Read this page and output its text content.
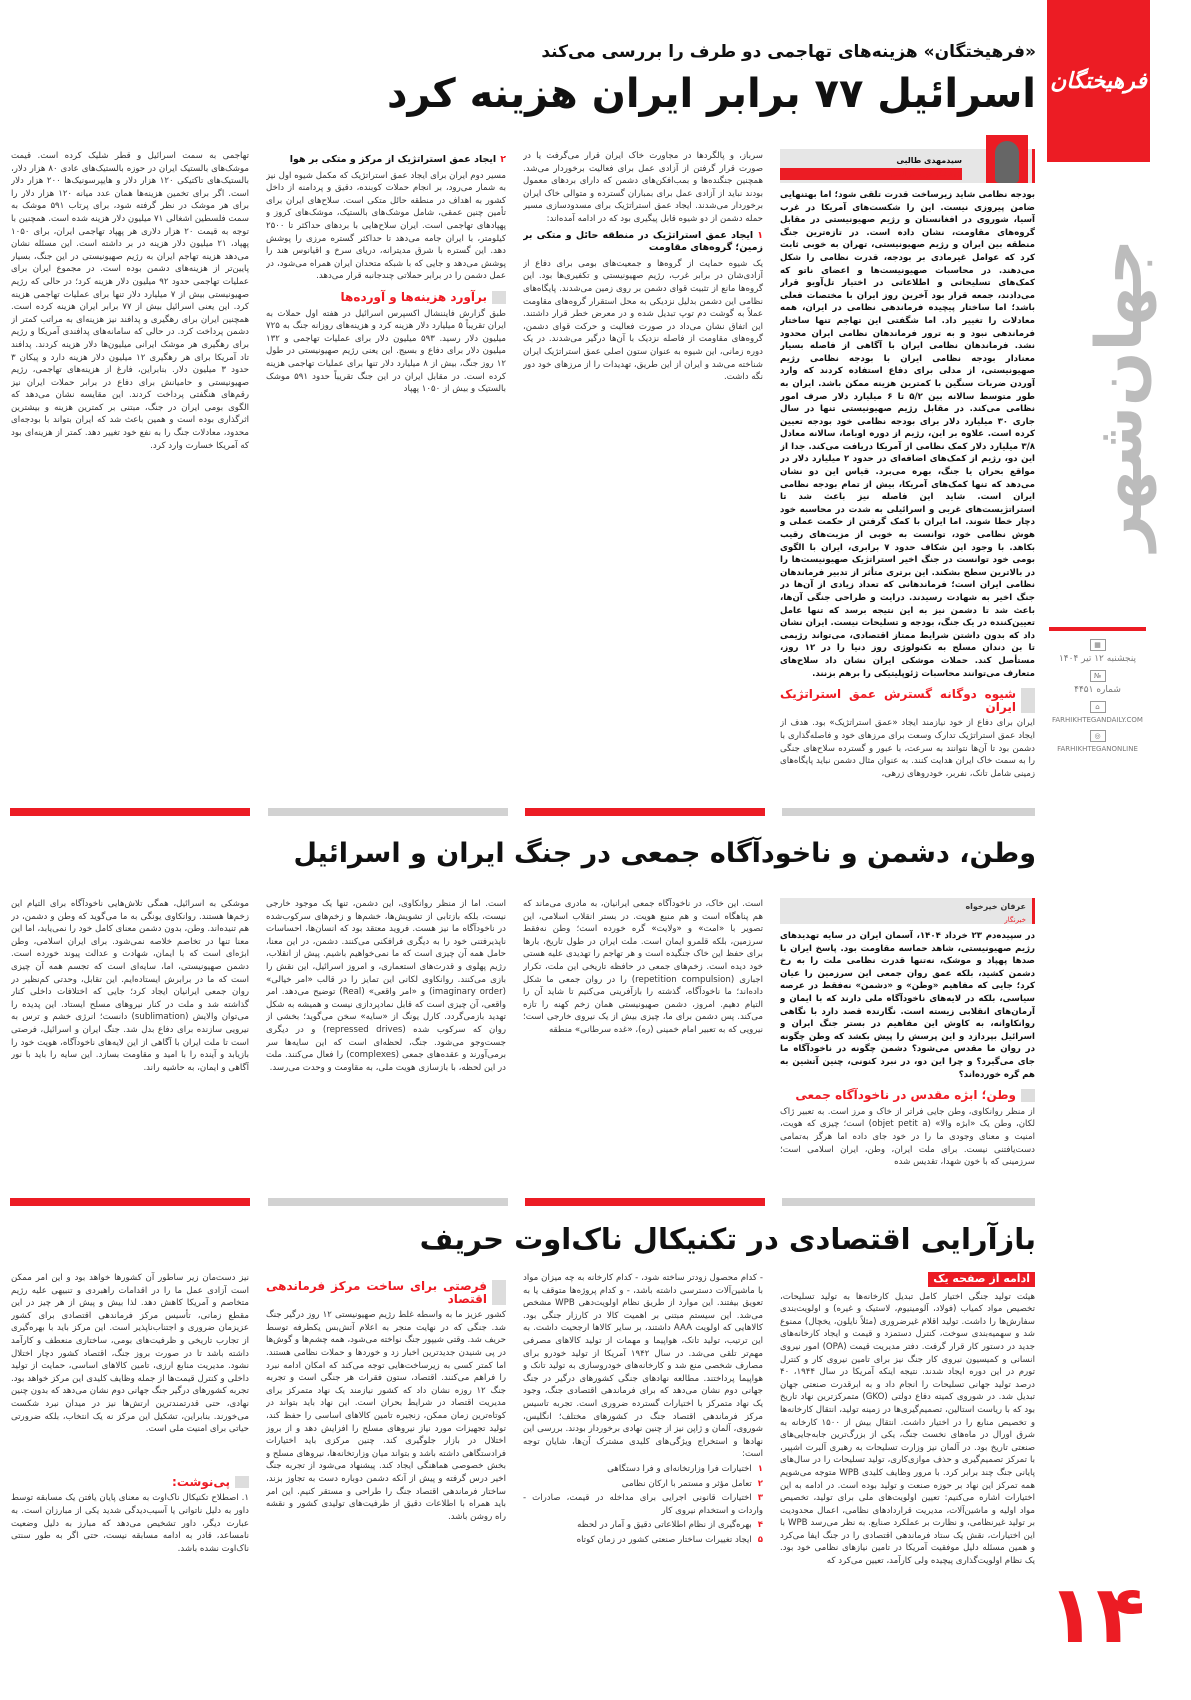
فرهیختگان
جهان‌شهر
▦
پنجشنبه ۱۲ تیر ۱۴۰۴
№
شماره ۴۴۵۱
⌂
FARHIKHTEGANDAILY.COM
◎
FARHIKHTEGANONLINE
۱۴
«فرهیختگان» هزینه‌های تهاجمی دو طرف را بررسی می‌کند
اسرائیل ۷۷ برابر ایران هزینه کرد
سیدمهدی طالبی
پژوهشگر حوزه بین‌الملل

بودجه نظامی شاید زیرساخت قدرت تلقی شود؛ اما بهتنهایی ضامن پیروزی نیست. این را شکست‌های آمریکا در غرب آسیا، شوروی در افغانستان و رژیم صهیونیستی در مقابل گروه‌های مقاومت، نشان داده است. در تازه‌ترین جنگ منطقه بین ایران و رژیم صهیونیستی، تهران به خوبی ثابت کرد که عوامل غیرمادی بر بودجه، قدرت نظامی را شکل می‌دهند. در محاسبات صهیونیست‌ها و اعضای ناتو که کمک‌های تسلیحاتی و اطلاعاتی در اختیار تل‌آویو قرار می‌دادند، جمعه قرار بود آخرین روز ایران با مختصات فعلی باشد؛ اما ساختار پیچیده فرماندهی نظامی در ایران، همه معادلات را تغییر داد. اما شگفتی این تهاجم تنها ساختار فرماندهی نبود و به ترور فرماندهان نظامی ایران محدود نشد. فرماندهان نظامی ایران با آگاهی از فاصله بسیار معنادار بودجه نظامی ایران با بودجه نظامی رژیم صهیونیستی، از مدلی برای دفاع استفاده کردند که وارد آوردن ضربات سنگین با کمترین هزینه ممکن باشد. ایران به طور متوسط سالانه بین ۵/۲ تا ۶ میلیارد دلار صرف امور نظامی می‌کند. در مقابل رژیم صهیونیستی تنها در سال جاری ۳۰ میلیارد دلار برای بودجه نظامی خود بودجه تعیین کرده است. علاوه بر این، رژیم از دوره اوباما، سالانه معادل ۳/۸ میلیارد دلار کمک نظامی از آمریکا دریافت می‌کند. جدا از این دو، رژیم از کمک‌های اضافه‌ای در حدود ۲ میلیارد دلار در مواقع بحران یا جنگ، بهره می‌برد. قیاس این دو نشان می‌دهد که تنها کمک‌های آمریکا، بیش از تمام بودجه نظامی ایران است. شاید این فاصله نیز باعث شد تا استراتژیست‌های غربی و اسرائیلی به شدت در محاسبه خود دچار خطا شوند. اما ایران با کمک گرفتن از حکمت عملی و هوش نظامی خود، توانست به خوبی از مزیت‌های رقیب بکاهد. با وجود این شکاف حدود ۷ برابری، ایران با الگوی بومی خود توانست در جنگ اخیر استراتژیک صهیونیست‌ها را در بالاترین سطح بشکند. این برتری متأثر از تدبیر فرماندهان نظامی ایران است؛ فرماندهانی که تعداد زیادی از آن‌ها در جنگ اخیر به شهادت رسیدند. درایت و طراحی جنگی آن‌ها، باعث شد تا دشمن نیز به این نتیجه برسد که تنها عامل تعیین‌کننده در یک جنگ، بودجه و تسلیحات نیست. ایران نشان داد که بدون داشتن شرایط ممتاز اقتصادی، می‌تواند رژیمی تا بن دندان مسلح به تکنولوژی روز دنیا را در ۱۲ روز، مستأصل کند. حملات موشکی ایران نشان داد سلاح‌های متعارف می‌توانند محاسبات ژئوپلیتیکی را برهم بزنند.

شیوه دوگانه گسترش عمق استراتژیک ایران

ایران برای دفاع از خود نیازمند ایجاد «عمق استراتژیک» بود. هدف از ایجاد عمق استراتژیک تدارک وسعت برای مرزهای خود و فاصله‌گذاری با دشمن بود تا آن‌ها نتوانند به سرعت، با عبور و گسترده سلاح‌های جنگی را به سمت خاک ایران هدایت کنند. به عنوان مثال دشمن نباید پایگاه‌های زمینی شامل تانک، نفربر، خودروهای زرهی،

سرباز، و پالگردها در مجاورت خاک ایران قرار می‌گرفت یا در صورت قرار گرفتن از آزادی عمل برای فعالیت برخوردار می‌شد. همچنین جنگنده‌ها و بمب‌افکن‌های دشمن که دارای بردهای معمول بودند نباید از آزادی عمل برای بمباران گسترده و متوالی خاک ایران برخوردار می‌شدند. ایجاد عمق استراتژیک برای مسدودسازی مسیر حمله دشمن از دو شیوه قابل پیگیری بود که در ادامه آمده‌اند:

۱ایجاد عمق استراتژیک در منطقه حائل و متکی بر زمین؛ گروه‌های مقاومت

یک شیوه حمایت از گروه‌ها و جمعیت‌های بومی برای دفاع از آزادی‌شان در برابر غرب، رژیم صهیونیستی و تکفیری‌ها بود. این گروه‌ها مانع از تثبیت قوای دشمن بر روی زمین می‌شدند. پایگاه‌های نظامی این دشمن بدلیل نزدیکی به محل استقرار گروه‌های مقاومت عملاً به گوشت دم توپ تبدیل شده و در معرض خطر قرار داشتند. این اتفاق نشان می‌داد در صورت فعالیت و حرکت قوای دشمن، گروه‌های مقاومت از فاصله نزدیک با آن‌ها درگیر می‌شدند. در یک دوره زمانی، این شیوه به عنوان ستون اصلی عمق استراتژیک ایران شناخته می‌شد و ایران از این طریق، تهدیدات را از مرزهای خود دور نگه داشت.

۲ایجاد عمق استراتژیک از مرکز و متکی بر هوا

مسیر دوم ایران برای ایجاد عمق استراتژیک که مکمل شیوه اول نیز به شمار می‌رود، بر انجام حملات کوبنده، دقیق و پردامنه از داخل کشور به اهداف در منطقه حائل متکی است. سلاح‌های ایران برای تأمین چنین عمقی، شامل موشک‌های بالستیک، موشک‌های کروز و پهپادهای تهاجمی است. ایران سلاح‌هایی با بردهای حداکثر تا ۲۵۰۰ کیلومتر، با ایران جامه می‌دهد تا حداکثر گستره مرزی را پوشش دهد. این گستره با شرق مدیترانه، دریای سرخ و اقیانوس هند را پوشش می‌دهد و جایی که با شبکه متحدان ایران همراه می‌شود، در عمل دشمن را در برابر حملاتی چندجانبه قرار می‌دهد.

برآورد هزینه‌ها و آورده‌ها

طبق گزارش فایننشال اکسپرس اسرائیل در هفته اول حملات به ایران تقریباً ۵ میلیارد دلار هزینه کرد و هزینه‌های روزانه جنگ به ۷۲۵ میلیون دلار رسید. ۵۹۳ میلیون دلار برای عملیات تهاجمی و ۱۳۲ میلیون دلار برای دفاع و بسیج. این یعنی رژیم صهیونیستی در طول ۱۲ روز جنگ، بیش از ۸ میلیارد دلار تنها برای عملیات تهاجمی هزینه کرده است. در مقابل ایران در این جنگ تقریباً حدود ۵۹۱ موشک بالستیک و بیش از ۱۰۵۰ پهپاد

تهاجمی به سمت اسرائیل و قطر شلیک کرده است. قیمت موشک‌های بالستیک ایران در حوزه بالستیک‌های عادی ۸۰ هزار دلار، بالستیک‌های تاکتیکی ۱۲۰ هزار دلار و هایپرسونیک‌ها ۲۰۰ هزار دلار است. اگر برای تخمین هزینه‌ها همان عدد میانه ۱۲۰ هزار دلار را برای هر موشک در نظر گرفته شود، برای پرتاب ۵۹۱ موشک به سمت فلسطین اشغالی ۷۱ میلیون دلار هزینه شده است. همچنین با توجه به قیمت ۲۰ هزار دلاری هر پهپاد تهاجمی ایران، برای ۱۰۵۰ پهپاد، ۲۱ میلیون دلار هزینه در بر داشته است. این مسئله نشان می‌دهد هزینه تهاجم ایران به رژیم صهیونیستی در این جنگ، بسیار پایین‌تر از هزینه‌های دشمن بوده است. در مجموع ایران برای عملیات تهاجمی حدود ۹۲ میلیون دلار هزینه کرد؛ در حالی که رژیم صهیونیستی بیش از ۷ میلیارد دلار تنها برای عملیات تهاجمی هزینه کرد. این یعنی اسرائیل بیش از ۷۷ برابر ایران هزینه کرده است. همچنین ایران برای رهگیری و پدافند نیز هزینه‌ای به مراتب کمتر از دشمن پرداخت کرد. در حالی که سامانه‌های پدافندی آمریکا و رژیم برای رهگیری هر موشک ایرانی میلیون‌ها دلار هزینه کردند. پدافند تاد آمریکا برای هر رهگیری ۱۲ میلیون دلار هزینه دارد و پیکان ۳ حدود ۳ میلیون دلار. بنابراین، فارغ از هزینه‌های تهاجمی، رژیم صهیونیستی و حامیانش برای دفاع در برابر حملات ایران نیز رقم‌های هنگفتی پرداخت کردند. این مقایسه نشان می‌دهد که الگوی بومی ایران در جنگ، مبتنی بر کمترین هزینه و بیشترین اثرگذاری بوده است و همین باعث شد که ایران بتواند با بودجه‌ای محدود، معادلات جنگ را به نفع خود تغییر دهد. کمتر از هزینه‌ای بود که آمریکا خسارت وارد کرد.

وطن، دشمن و ناخودآگاه جمعی در جنگ ایران و اسرائیل
عرفان خیرخواه
خبرنگار

در سپیده‌دم ۲۳ خرداد ۱۴۰۴، آسمان ایران در سایه تهدیدهای رژیم صهیونیستی، شاهد حماسه مقاومت بود. پاسخ ایران با صدها پهپاد و موشک، نه‌تنها قدرت نظامی ملت را به رخ دشمن کشید، بلکه عمق روان جمعی این سرزمین را عیان کرد؛ جایی که مفاهیم «وطن» و «دشمن» نه‌فقط در عرصه سیاسی، بلکه در لایه‌های ناخودآگاه ملی دارند که با ایمان و آرمان‌های انقلابی زیسته است. نگارنده قصد دارد با نگاهی روانکاوانه، به کاوش این مفاهیم در بستر جنگ ایران و اسرائیل بپردازد و این پرسش را پیش بکشد که وطن چگونه در روان ما مقدس می‌شود؟ دشمن چگونه در ناخودآگاه ما جای می‌گیرد؟ و چرا این دو، در نبرد کنونی، چنین آتشین به هم گره خورده‌اند؟

وطن؛ ابژه مقدس در ناخودآگاه جمعی

از منظر روانکاوی، وطن جایی فراتر از خاک و مرز است. به تعبیر ژاک لکان، وطن یک «ابژه والا» (objet petit a) است؛ چیزی که هویت، امنیت و معنای وجودی ما را در خود جای داده اما هرگز به‌تمامی دست‌یافتنی نیست. برای ملت ایران، وطن، ایران اسلامی است؛ سرزمینی که با خون شهدا، تقدیس شده

است. این خاک، در ناخودآگاه جمعی ایرانیان، به مادری می‌ماند که هم پناهگاه است و هم منبع هویت. در بستر انقلاب اسلامی، این تصویر با «امت» و «ولایت» گره خورده است؛ وطن نه‌فقط سرزمین، بلکه قلمرو ایمان است. ملت ایران در طول تاریخ، بارها برای حفظ این خاک جنگیده است و هر تهاجم را تهدیدی علیه هستی خود دیده است. زخم‌های جمعی در حافظه تاریخی این ملت، تکرار اجباری (repetition compulsion) را در روان جمعی ما شکل داده‌اند؛ ما ناخودآگاه، گذشته را بازآفرینی می‌کنیم تا شاید آن را التیام دهیم. امروز، دشمن صهیونیستی همان زخم کهنه را تازه می‌کند. پس دشمن برای ما، چیزی بیش از یک نیروی خارجی است؛ نیرویی که به تعبیر امام خمینی (ره)، «غده سرطانی» منطقه

است. اما از منظر روانکاوی، این دشمن، تنها یک موجود خارجی نیست، بلکه بازتابی از تشویش‌ها، خشم‌ها و زخم‌های سرکوب‌شده در ناخودآگاه ما نیز هست. فروید معتقد بود که انسان‌ها، احساسات ناپذیرفتنی خود را به دیگری فرافکنی می‌کنند. دشمن، در این معنا، حامل همه آن چیزی است که ما نمی‌خواهیم باشیم. پیش از انقلاب، رژیم پهلوی و قدرت‌های استعماری، و امروز اسرائیل، این نقش را بازی می‌کنند. روانکاوی لکانی این تمایز را در قالب «امر خیالی» (imaginary order) و «امر واقعی» (Real) توضیح می‌دهد. امر واقعی، آن چیزی است که قابل نمادپردازی نیست و همیشه به شکل تهدید بازمی‌گردد. کارل یونگ از «سایه» سخن می‌گوید؛ بخشی از روان که سرکوب شده (repressed drives) و در دیگری جست‌وجو می‌شود. جنگ، لحظه‌ای است که این سایه‌ها سر برمی‌آورند و عقده‌های جمعی (complexes) را فعال می‌کنند. ملت در این لحظه، با بازسازی هویت ملی، به مقاومت و وحدت می‌رسد.

موشکی به اسرائیل، همگی تلاش‌هایی ناخودآگاه برای التیام این زخم‌ها هستند. روانکاوی یونگی به ما می‌گوید که وطن و دشمن، در هم تنیده‌اند. وطن، بدون دشمن معنای کامل خود را نمی‌یابد، اما این معنا تنها در تخاصم خلاصه نمی‌شود. برای ایران اسلامی، وطن ابژه‌ای است که با ایمان، شهادت و عدالت پیوند خورده است. دشمن صهیونیستی، اما، سایه‌ای است که تجسم همه آن چیزی است که ما در برابرش ایستاده‌ایم. این تقابل، وحدتی کم‌نظیر در روان جمعی ایرانیان ایجاد کرد؛ جایی که اختلافات داخلی کنار گذاشته شد و ملت در کنار نیروهای مسلح ایستاد. این پدیده را می‌توان والایش (sublimation) دانست؛ انرژی خشم و ترس به نیرویی سازنده برای دفاع بدل شد. جنگ ایران و اسرائیل، فرصتی است تا ملت ایران با آگاهی از این لایه‌های ناخودآگاه، هویت خود را بازیابد و آینده را با امید و مقاومت بسازد. این سایه را باید با نور آگاهی و ایمان، به حاشیه راند.

بازآرایی اقتصادی در تکنیکال ناک‌اوت حریف
ادامه از صفحه یک

هیئت تولید جنگی اختیار کامل تبدیل کارخانه‌ها به تولید تسلیحات، تخصیص مواد کمیاب (فولاد، آلومینیوم، لاستیک و غیره) و اولویت‌بندی سفارش‌ها را داشت. تولید اقلام غیرضروری (مثلاً نایلون، یخچال) ممنوع شد و سهمیه‌بندی سوخت، کنترل دستمزد و قیمت و ایجاد کارخانه‌های جدید در دستور کار قرار گرفت. دفتر مدیریت قیمت (OPA) امور نیروی انسانی و کمیسیون نیروی کار جنگ نیز برای تامین نیروی کار و کنترل تورم در این دوره ایجاد شدند. نتیجه اینکه آمریکا در سال ۱۹۴۴، ۴۰ درصد تولید جهانی تسلیحات را انجام داد و به ابرقدرت صنعتی جهان تبدیل شد. در شوروی کمیته دفاع دولتی (GKO) متمرکزترین نهاد تاریخ بود که با ریاست استالین، تصمیم‌گیری‌ها در زمینه تولید، انتقال کارخانه‌ها و تخصیص منابع را در اختیار داشت. انتقال بیش از ۱۵۰۰ کارخانه به شرق اورال در ماه‌های نخست جنگ، یکی از بزرگ‌ترین جابه‌جایی‌های صنعتی تاریخ بود. در آلمان نیز وزارت تسلیحات به رهبری آلبرت اشپیر، با تمرکز تصمیم‌گیری و حذف موازی‌کاری، تولید تسلیحات را در سال‌های پایانی جنگ چند برابر کرد. با مرور وظایف کلیدی WPB متوجه می‌شویم همه تمرکز این نهاد بر حوزه صنعت و تولید بوده است. در ادامه به این اختیارات اشاره می‌کنیم: تعیین اولویت‌های ملی برای تولید، تخصیص مواد اولیه و ماشین‌آلات، مدیریت قراردادهای نظامی، اعمال محدودیت بر تولید غیرنظامی، و نظارت بر عملکرد صنایع. به نظر می‌رسد WPB با این اختیارات، نقش یک ستاد فرماندهی اقتصادی را در جنگ ایفا می‌کرد و همین مسئله دلیل موفقیت آمریکا در تامین نیازهای نظامی خود بود. یک نظام اولویت‌گذاری پیچیده ولی کارآمد، تعیین می‌کرد که

- کدام محصول زودتر ساخته شود، - کدام کارخانه به چه میزان مواد با ماشین‌آلات دسترسی داشته باشد، - و کدام پروژه‌ها متوقف یا به تعویق بیفتند. این موارد از طریق نظام اولویت‌دهی WPB مشخص می‌شد. این سیستم مبتنی بر اهمیت کالا در کارزار جنگی بود. کالاهایی که اولویت AAA داشتند، بر سایر کالاها ارجحیت داشت. به این ترتیب، تولید تانک، هواپیما و مهمات از تولید کالاهای مصرفی مهم‌تر تلقی می‌شد. در سال ۱۹۴۲ آمریکا از تولید خودرو برای مصارف شخصی منع شد و کارخانه‌های خودروسازی به تولید تانک و هواپیما پرداختند. مطالعه نهادهای جنگی کشورهای درگیر در جنگ جهانی دوم نشان می‌دهد که برای فرماندهی اقتصادی جنگ، وجود یک نهاد متمرکز با اختیارات گسترده ضروری است. تجربه تاسیس مرکز فرماندهی اقتصاد جنگ در کشورهای مختلف؛ انگلیس، شوروی، آلمان و ژاپن نیز از چنین نهادی برخوردار بودند. بررسی این نهادها و استخراج ویژگی‌های کلیدی مشترک آن‌ها، شایان توجه است:

۱اختیارات فرا وزارتخانه‌ای و فرا دستگاهی
۲تعامل مؤثر و مستمر با ارکان نظامی
۳اختیارات قانونی اجرایی برای مداخله در قیمت، صادرات - واردات و استخدام نیروی کار
۴بهره‌گیری از نظام اطلاعاتی دقیق و آمار در لحظه
۵ایجاد تغییرات ساختار صنعتی کشور در زمان کوتاه
فرصتی برای ساخت مرکز فرماندهی اقتصاد

کشور عزیز ما به واسطه غلط رژیم صهیونیستی ۱۲ روز درگیر جنگ شد. جنگی که در نهایت منجر به اعلام آتش‌بس یکطرفه توسط حریف شد. وقتی شیپور جنگ نواخته می‌شود، همه چشم‌ها و گوش‌ها در پی شنیدن جدیدترین اخبار زد و خوردها و حملات نظامی هستند. اما کمتر کسی به زیرساخت‌هایی توجه می‌کند که امکان ادامه نبرد را فراهم می‌کنند. اقتصاد، ستون فقرات هر جنگی است و تجربه جنگ ۱۲ روزه نشان داد که کشور نیازمند یک نهاد متمرکز برای مدیریت اقتصاد در شرایط بحران است. این نهاد باید بتواند در کوتاه‌ترین زمان ممکن، زنجیره تامین کالاهای اساسی را حفظ کند، تولید تجهیزات مورد نیاز نیروهای مسلح را افزایش دهد و از بروز اختلال در بازار جلوگیری کند. چنین مرکزی باید اختیارات فرادستگاهی داشته باشد و بتواند میان وزارتخانه‌ها، نیروهای مسلح و بخش خصوصی هماهنگی ایجاد کند. پیشنهاد می‌شود از تجربه جنگ اخیر درس گرفته و پیش از آنکه دشمن دوباره دست به تجاوز بزند، ساختار فرماندهی اقتصاد جنگ را طراحی و مستقر کنیم. این امر باید همراه با اطلاعات دقیق از ظرفیت‌های تولیدی کشور و نقشه راه روشن باشد.

نیز دست‌مان زیر ساطور آن کشورها خواهد بود و این امر ممکن است آزادی عمل ما را در اقدامات راهبردی و تنبیهی علیه رژیم متخاصم و آمریکا کاهش دهد. لذا بیش و پیش از هر چیز در این مقطع زمانی، تأسیس مرکز فرماندهی اقتصادی برای کشور عزیزمان ضروری و اجتناب‌ناپذیر است. این مرکز باید با بهره‌گیری از تجارب تاریخی و ظرفیت‌های بومی، ساختاری منعطف و کارآمد داشته باشد تا در صورت بروز جنگ، اقتصاد کشور دچار اختلال نشود. مدیریت منابع ارزی، تامین کالاهای اساسی، حمایت از تولید داخلی و کنترل قیمت‌ها از جمله وظایف کلیدی این مرکز خواهد بود. تجربه کشورهای درگیر جنگ جهانی دوم نشان می‌دهد که بدون چنین نهادی، حتی قدرتمندترین ارتش‌ها نیز در میدان نبرد شکست می‌خورند. بنابراین، تشکیل این مرکز نه یک انتخاب، بلکه ضرورتی حیاتی برای امنیت ملی است.

پی‌نوشت:

۱. اصطلاح تکنیکال ناک‌اوت به معنای پایان یافتن یک مسابقه توسط داور به دلیل ناتوانی یا آسیب‌دیدگی شدید یکی از مبارزان است. به عبارت دیگر، داور تشخیص می‌دهد که مبارز به دلیل وضعیت نامساعد، قادر به ادامه مسابقه نیست، حتی اگر به طور سنتی ناک‌اوت نشده باشد.
